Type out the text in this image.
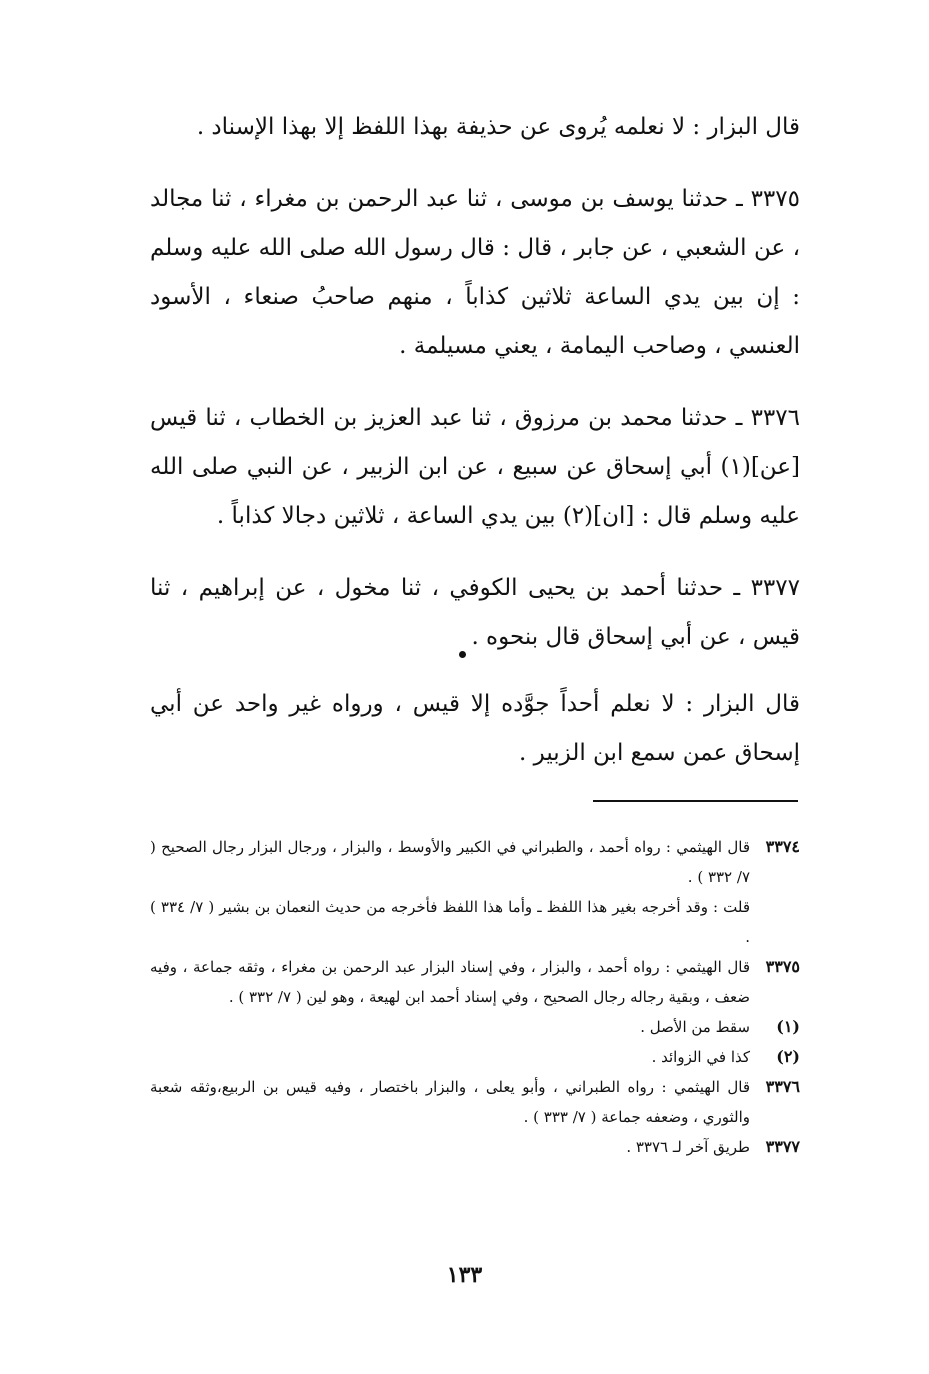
قال البزار : لا نعلمه يُروى عن حذيفة بهذا اللفظ إلا بهذا الإسناد .

٣٣٧٥ ـ حدثنا يوسف بن موسى ، ثنا عبد الرحمن بن مغراء ، ثنا مجالد ، عن الشعبي ، عن جابر ، قال : قال رسول الله صلى الله عليه وسلم : إن بين يدي الساعة ثلاثين كذاباً ، منهم صاحبُ صنعاء ، الأسود العنسي ، وصاحب اليمامة ، يعني مسيلمة .

٣٣٧٦ ـ حدثنا محمد بن مرزوق ، ثنا عبد العزيز بن الخطاب ، ثنا قيس [عن](١) أبي إسحاق عن سبيع ، عن ابن الزبير ، عن النبي صلى الله عليه وسلم قال : [ان](٢) بين يدي الساعة ، ثلاثين دجالا كذاباً .

٣٣٧٧ ـ حدثنا أحمد بن يحيى الكوفي ، ثنا مخول ، عن إبراهيم ، ثنا قيس ، عن أبي إسحاق قال بنحوه .

قال البزار : لا نعلم أحداً جوَّده إلا قيس ، ورواه غير واحد عن أبي إسحاق عمن سمع ابن الزبير .

٣٣٧٤

قال الهيثمي : رواه أحمد ، والطبراني في الكبير والأوسط ، والبزار ، ورجال البزار رجال الصحيح ( ٧/ ٣٣٢ ) .

قلت : وقد أخرجه بغير هذا اللفظ ـ وأما هذا اللفظ فأخرجه من حديث النعمان بن بشير ( ٧/ ٣٣٤ ) .

٣٣٧٥

قال الهيثمي : رواه أحمد ، والبزار ، وفي إسناد البزار عبد الرحمن بن مغراء ، وثقه جماعة ، وفيه ضعف ، وبقية رجاله رجال الصحيح ، وفي إسناد أحمد ابن لهيعة ، وهو لين ( ٧/ ٣٣٢ ) .

(١)

سقط من الأصل .

(٢)

كذا في الزوائد .

٣٣٧٦

قال الهيثمي : رواه الطبراني ، وأبو يعلى ، والبزار باختصار ، وفيه قيس بن الربيع،وثقه شعبة والثوري ، وضعفه جماعة ( ٧/ ٣٣٣ ) .

٣٣٧٧

طريق آخر لـ ٣٣٧٦ .

١٣٣
